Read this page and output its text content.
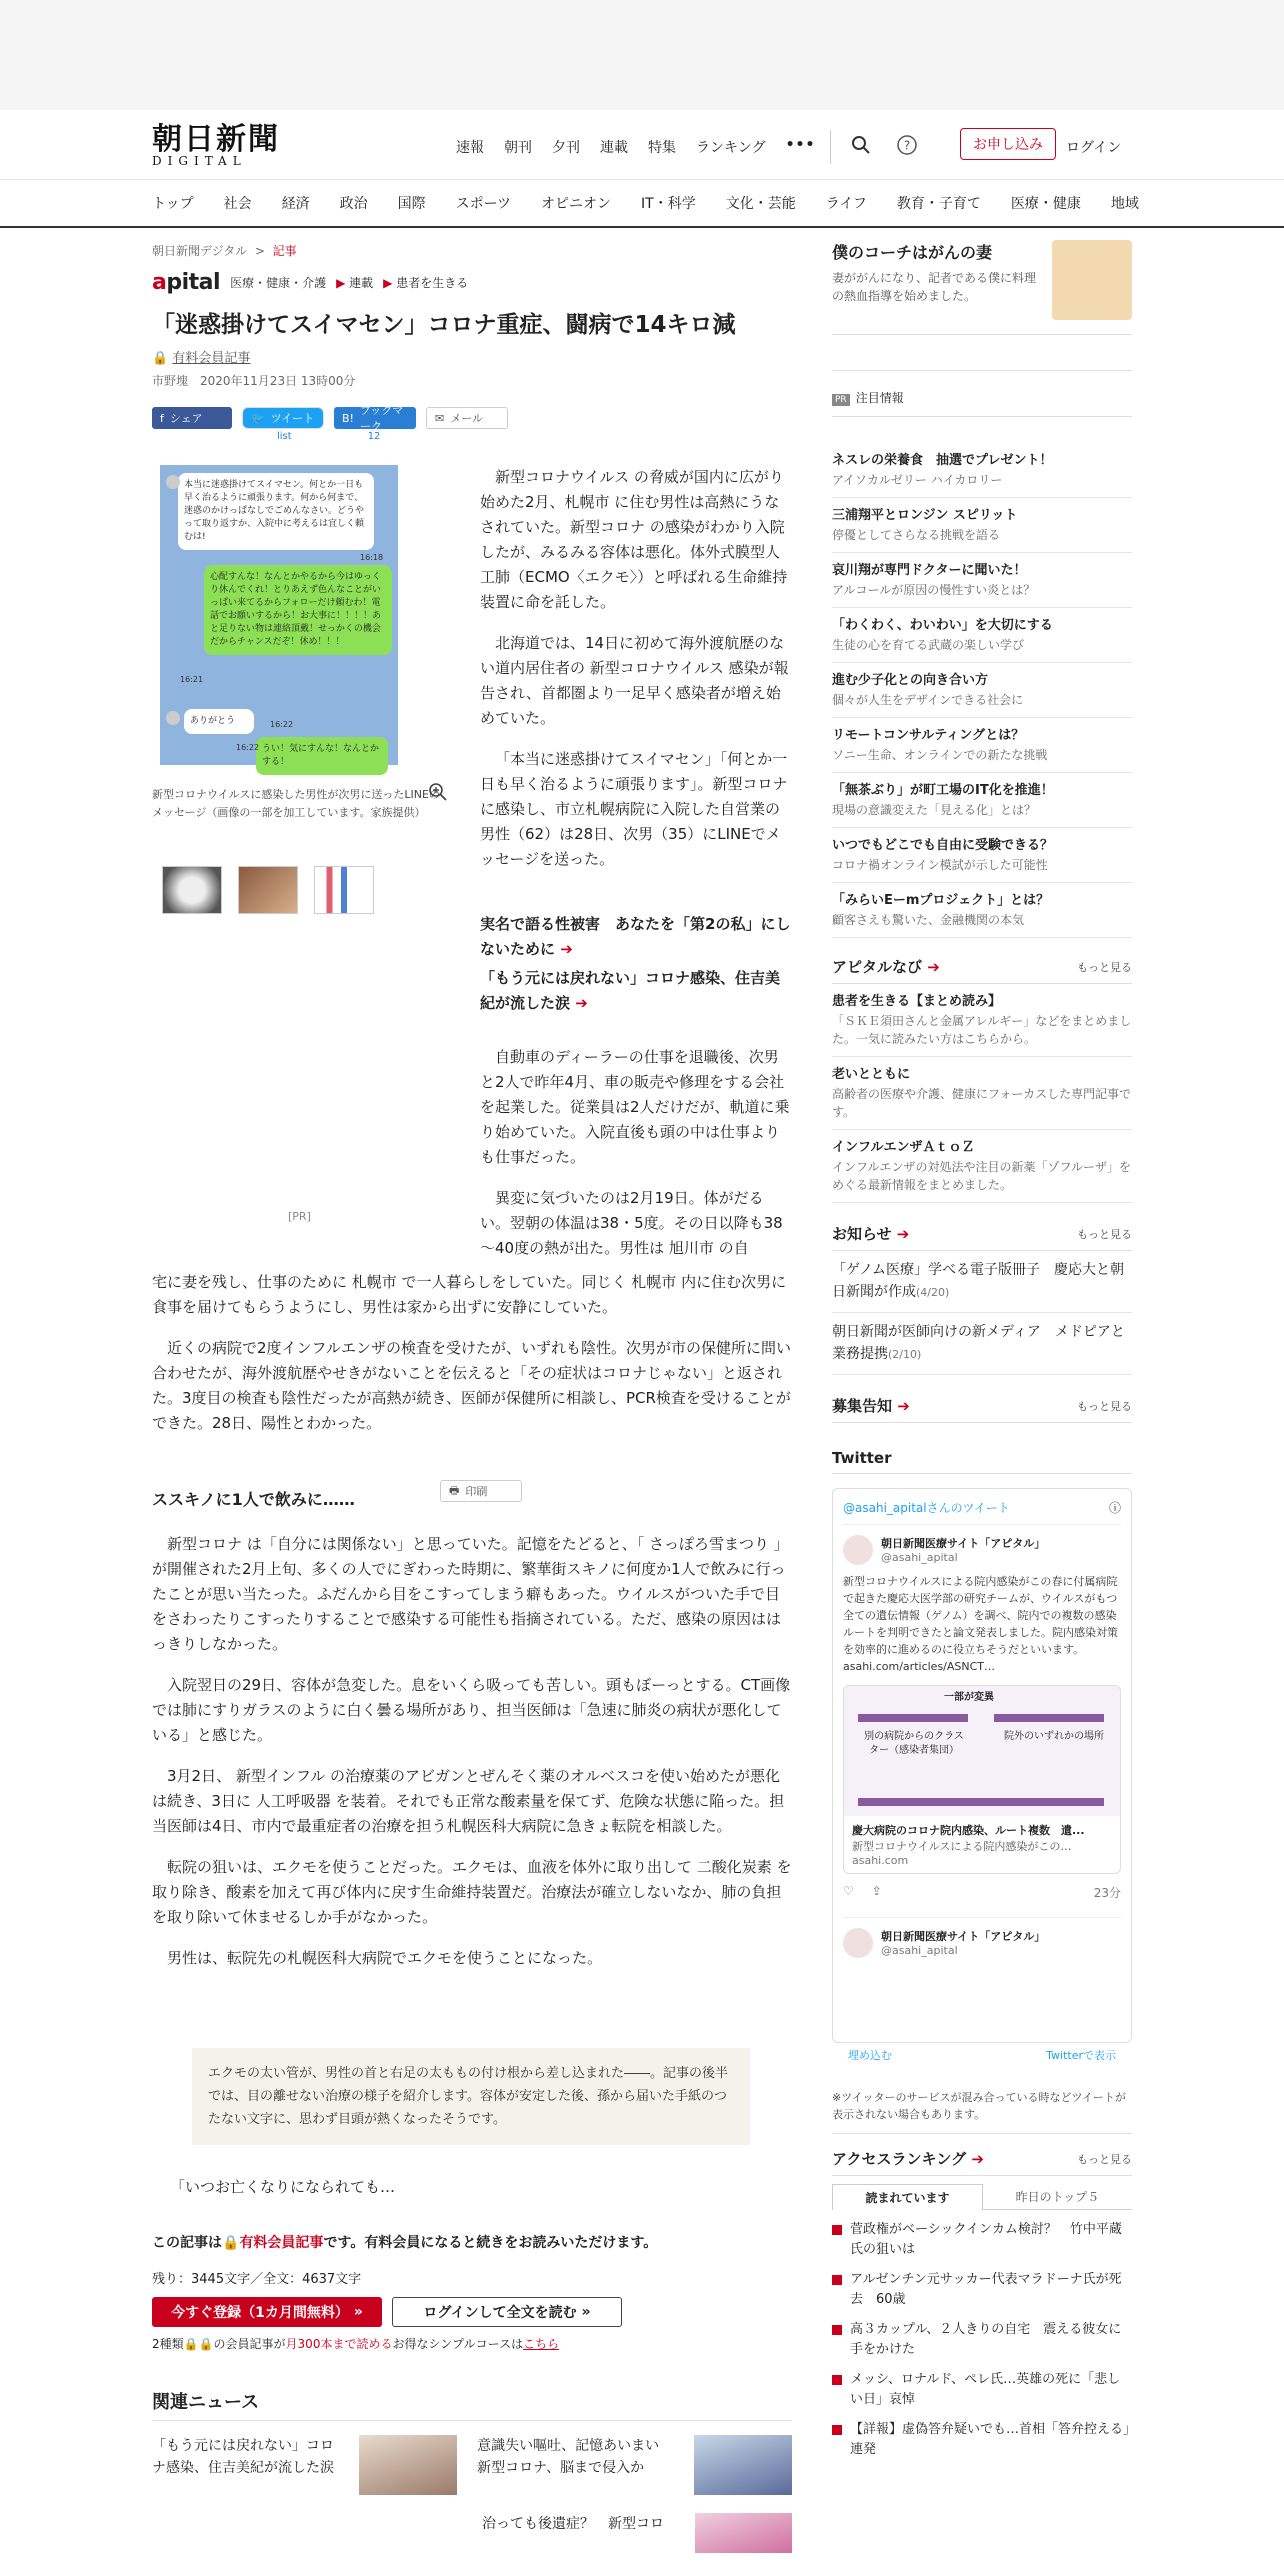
朝日新聞
DIGITAL
速報 朝刊 夕刊 連載 特集 ランキング •••	?	お申し込み	ログイン
トップ 社会 経済 政治 国際 スポーツ オピニオン IT・科学 文化・芸能 ライフ 教育・子育て 医療・健康 地域
朝日新聞デジタル > 記事
apital 医療・健康・介護 ▶ 連載 ▶ 患者を生きる
「迷惑掛けてスイマセン」コロナ重症、闘病で14キロ減
🔒 有料会員記事
市野塊　2020年11月23日 13時00分
f シェア	🐦 ツイート	B!
ブックマーク
✉ メール
🖶 印刷
list	12
本当に迷惑掛けてスイマセン。何とか一日も早く治るように頑張ります。何から何まで、迷惑のかけっぱなしでごめんなさい。どうやって取り返すか、入院中に考えるは宜しく頼むは!
16:18
心配すんな！なんとかやるから今はゆっくり休んでくれ！とりあえず色んなことがいっぱい来てるからフォローだけ頼むわ！電話でお願いするから！お大事に！！！！あと足りない物は連絡頂戴！せっかくの機会だからチャンスだぞ！休め！！！
16:21
ありがとう	16:22
うい！気にすんな！なんとかする！
16:22
新型コロナウイルスに感染した男性が次男に送ったLINEのメッセージ（画像の一部を加工しています。家族提供）
[PR]

新型コロナウイルス の脅威が国内に広がり始めた2月、札幌市 に住む男性は高熱にうなされていた。新型コロナ の感染がわかり入院したが、みるみる容体は悪化。体外式膜型人工肺（ECMO〈エクモ〉）と呼ばれる生命維持装置に命を託した。

北海道では、14日に初めて海外渡航歴のない道内居住者の 新型コロナウイルス 感染が報告され、首都圏より一足早く感染者が増え始めていた。

「本当に迷惑掛けてスイマセン」「何とか一日も早く治るように頑張ります」。新型コロナ に感染し、市立札幌病院に入院した自営業の男性（62）は28日、次男（35）にLINEでメッセージを送った。

実名で語る性被害　あなたを「第2の私」にしないために ➔
「もう元には戻れない」コロナ感染、住吉美紀が流した涙 ➔

自動車のディーラーの仕事を退職後、次男と2人で昨年4月、車の販売や修理をする会社を起業した。従業員は2人だけだが、軌道に乗り始めていた。入院直後も頭の中は仕事よりも仕事だった。

異変に気づいたのは2月19日。体がだるい。翌朝の体温は38・5度。その日以降も38～40度の熱が出た。男性は 旭川市 の自

宅に妻を残し、仕事のために 札幌市 で一人暮らしをしていた。同じく 札幌市 内に住む次男に食事を届けてもらうようにし、男性は家から出ずに安静にしていた。

近くの病院で2度インフルエンザの検査を受けたが、いずれも陰性。次男が市の保健所に問い合わせたが、海外渡航歴やせきがないことを伝えると「その症状はコロナじゃない」と返された。3度目の検査も陰性だったが高熱が続き、医師が保健所に相談し、PCR検査を受けることができた。28日、陽性とわかった。

ススキノに1人で飲みに……

新型コロナ は「自分には関係ない」と思っていた。記憶をたどると、「 さっぽろ雪まつり 」が開催された2月上旬、多くの人でにぎわった時期に、繁華街スキノに何度か1人で飲みに行ったことが思い当たった。ふだんから目をこすってしまう癖もあった。ウイルスがついた手で目をさわったりこすったりすることで感染する可能性も指摘されている。ただ、感染の原因ははっきりしなかった。

入院翌日の29日、容体が急変した。息をいくら吸っても苦しい。頭もぼーっとする。CT画像では肺にすりガラスのように白く曇る場所があり、担当医師は「急速に肺炎の病状が悪化している」と感じた。

3月2日、 新型インフル の治療薬のアビガンとぜんそく薬のオルベスコを使い始めたが悪化は続き、3日に 人工呼吸器 を装着。それでも正常な酸素量を保てず、危険な状態に陥った。担当医師は4日、市内で最重症者の治療を担う札幌医科大病院に急きょ転院を相談した。

転院の狙いは、エクモを使うことだった。エクモは、血液を体外に取り出して 二酸化炭素 を取り除き、酸素を加えて再び体内に戻す生命維持装置だ。治療法が確立しないなか、肺の負担を取り除いて休ませるしか手がなかった。

男性は、転院先の札幌医科大病院でエクモを使うことになった。

エクモの太い管が、男性の首と右足の太ももの付け根から差し込まれた――。記事の後半では、目の離せない治療の様子を紹介します。容体が安定した後、孫から届いた手紙のつたない文字に、思わず目頭が熱くなったそうです。
「いつお亡くなりになられても…
この記事は🔒有料会員記事です。有料会員になると続きをお読みいただけます。
残り：3445文字／全文：4637文字
今すぐ登録（1カ月間無料） »	ログインして全文を読む »
2種類🔒🔒の会員記事が月300本まで読めるお得なシンプルコースはこちら
関連ニュース
「もう元には戻れない」コロナ感染、住吉美紀が流した涙
意識失い嘔吐、記憶あいまい　新型コロナ、脳まで侵入か
治っても後遺症？　新型コロ
僕のコーチはがんの妻
妻ががんになり、記者である僕に料理の熱血指導を始めました。
PR 注目情報
ネスレの栄養食　抽選でプレゼント！
アイソカルゼリー ハイカロリー
三浦翔平とロンジン スピリット
停優としてさらなる挑戦を語る
哀川翔が専門ドクターに聞いた！
アルコールが原因の慢性すい炎とは？
「わくわく、わいわい」を大切にする
生徒の心を育てる武蔵の楽しい学び
進む少子化との向き合い方
個々が人生をデザインできる社会に
リモートコンサルティングとは？
ソニー生命、オンラインでの新たな挑戦
「無茶ぶり」が町工場のIT化を推進！
現場の意識変えた「見える化」とは？
いつでもどこでも自由に受験できる？
コロナ禍オンライン模試が示した可能性
「みらいEーmプロジェクト」とは？
顧客さえも驚いた、金融機関の本気
アピタルなび ➔	もっと見る
患者を生きる【まとめ読み】
「ＳＫＥ須田さんと金属アレルギー」などをまとめました。一気に読みたい方はこちらから。
老いとともに
高齢者の医療や介護、健康にフォーカスした専門記事です。
インフルエンザＡｔｏＺ
インフルエンザの対処法や注目の新薬「ゾフルーザ」をめぐる最新情報をまとめました。
お知らせ ➔	もっと見る
「ゲノム医療」学べる電子版冊子　慶応大と朝日新聞が作成(4/20)
朝日新聞が医師向けの新メディア　メドピアと業務提携(2/10)
募集告知 ➔	もっと見る
Twitter
@asahi_apitalさんのツイート	ⓘ
朝日新聞医療サイト「アピタル」
@asahi_apital
新型コロナウイルスによる院内感染がこの春に付属病院で起きた慶応大医学部の研究チームが、ウイルスがもつ全ての遺伝情報（ゲノム）を調べ、院内での複数の感染ルートを判明できたと論文発表しました。院内感染対策を効率的に進めるのに役立ちそうだといいます。asahi.com/articles/ASNCT…
一部が変異
別の病院からのクラスター（感染者集団）
院外のいずれかの場所
慶大病院のコロナ院内感染、ルート複数　遺...
新型コロナウイルスによる院内感染がこの…
asahi.com
♡ ⇪	23分
朝日新聞医療サイト「アピタル」
@asahi_apital
埋め込む	Twitterで表示
※ツイッターのサービスが混み合っている時などツイートが表示されない場合もあります。
アクセスランキング ➔	もっと見る
読まれています	昨日のトップ５
菅政権がベーシックインカム検討？　竹中平蔵氏の狙いは
アルゼンチン元サッカー代表マラドーナ氏が死去　60歳
高３カップル、２人きりの自宅　震える彼女に手をかけた
メッシ、ロナルド、ペレ氏…英雄の死に「悲しい日」哀悼
【詳報】虚偽答弁疑いでも…首相「答弁控える」連発
